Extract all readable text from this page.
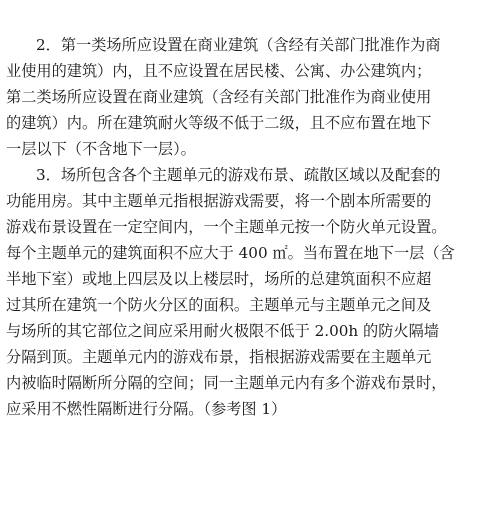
2．第一类场所应设置在商业建筑（含经有关部门批准作为商
业使用的建筑）内，且不应设置在居民楼、公寓、办公建筑内；
第二类场所应设置在商业建筑（含经有关部门批准作为商业使用
的建筑）内。所在建筑耐火等级不低于二级，且不应布置在地下
一层以下（不含地下一层）。
3．场所包含各个主题单元的游戏布景、疏散区域以及配套的
功能用房。其中主题单元指根据游戏需要，将一个剧本所需要的
游戏布景设置在一定空间内，一个主题单元按一个防火单元设置。
每个主题单元的建筑面积不应大于 400 ㎡。当布置在地下一层（含
半地下室）或地上四层及以上楼层时，场所的总建筑面积不应超
过其所在建筑一个防火分区的面积。主题单元与主题单元之间及
与场所的其它部位之间应采用耐火极限不低于 2.00h 的防火隔墙
分隔到顶。主题单元内的游戏布景，指根据游戏需要在主题单元
内被临时隔断所分隔的空间；同一主题单元内有多个游戏布景时，
应采用不燃性隔断进行分隔。（参考图 1）
